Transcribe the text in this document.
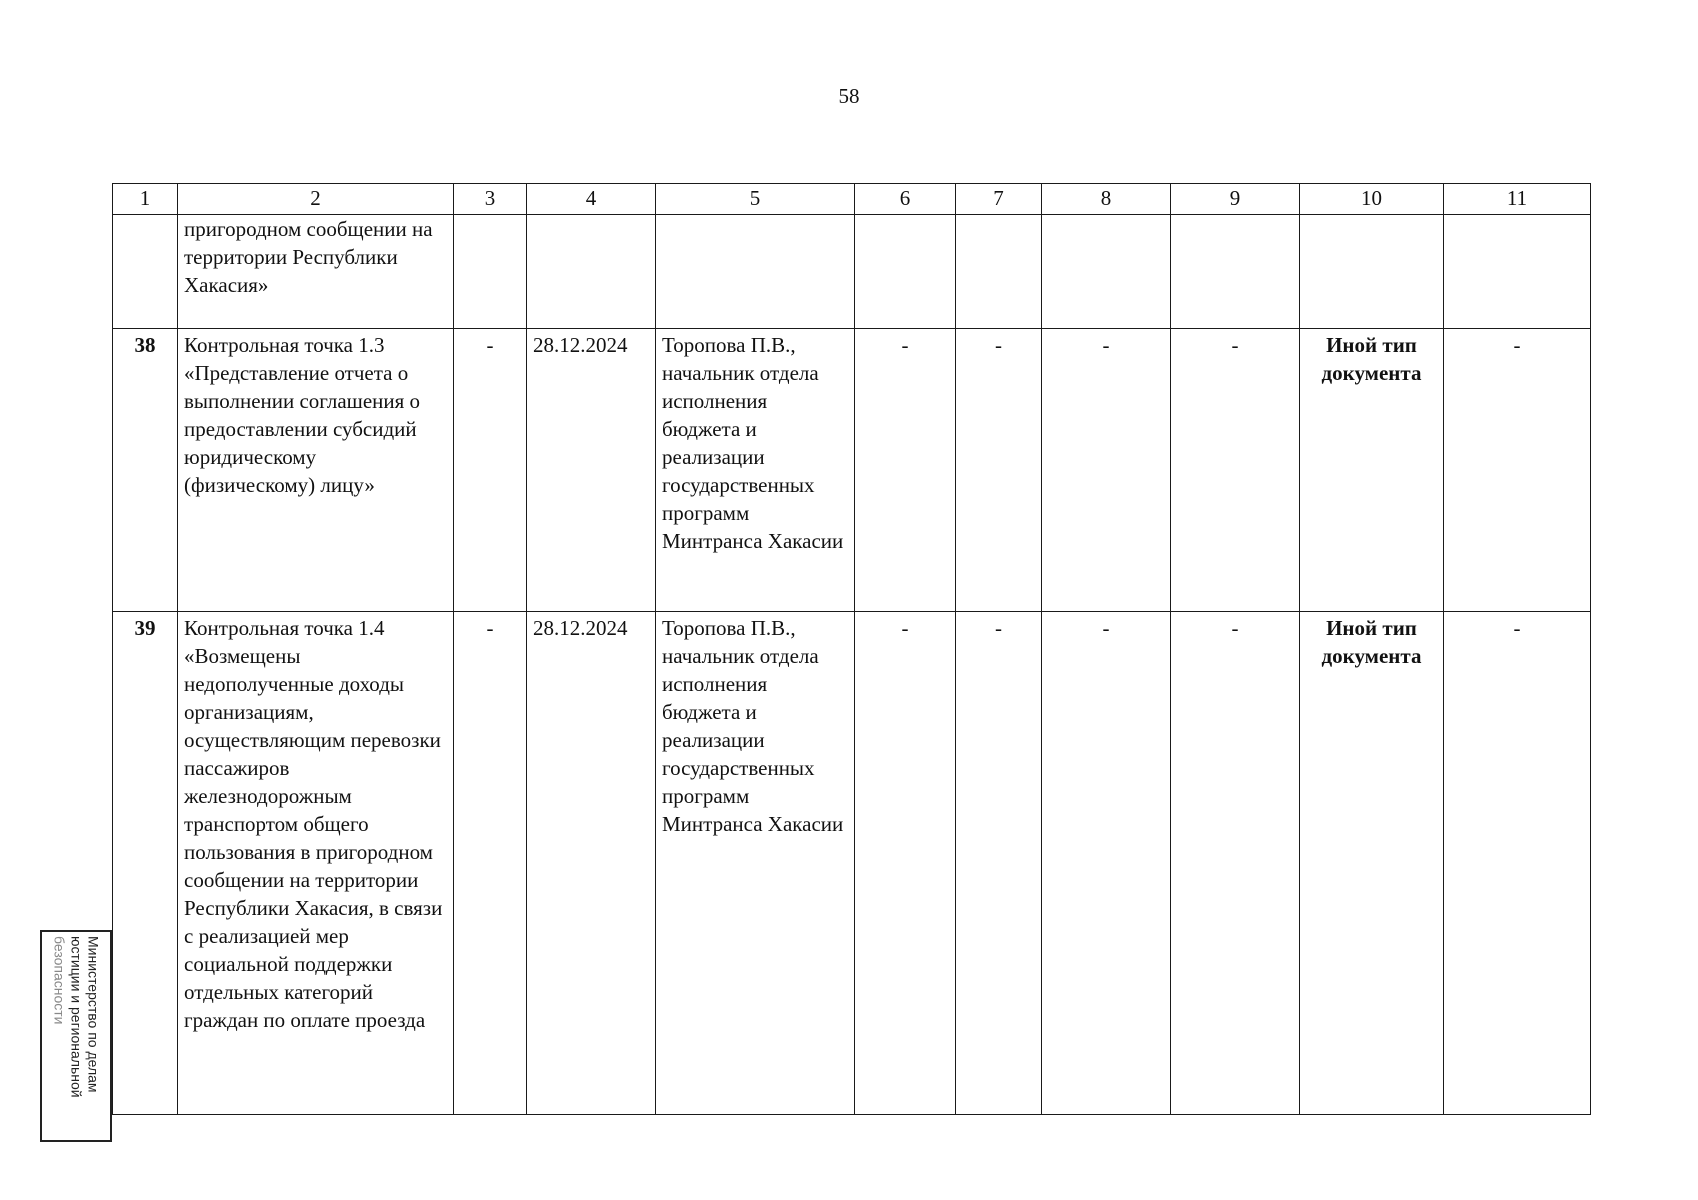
58
1	2	3	4	5	6	7	8	9	10	11
	пригородном сообщении на территории Республики Хакасия»									
38	Контрольная точка 1.3 «Представление отчета о выполнении соглашения о предоставлении субсидий юридическому (физическому) лицу»	-	28.12.2024	Торопова П.В., начальник отдела исполнения бюджета и реализации государственных программ Минтранса Хакасии	-	-	-	-	Иной тип документа	-
39	Контрольная точка 1.4 «Возмещены недополученные доходы организациям, осуществляющим перевозки пассажиров железнодорожным транспортом общего пользования в пригородном сообщении на территории Республики Хакасия, в связи с реализацией мер социальной поддержки отдельных категорий граждан по оплате проезда	-	28.12.2024	Торопова П.В., начальник отдела исполнения бюджета и реализации государственных программ Минтранса Хакасии	-	-	-	-	Иной тип документа	-
Министерство по делам
юстиции и региональной
безопасности
